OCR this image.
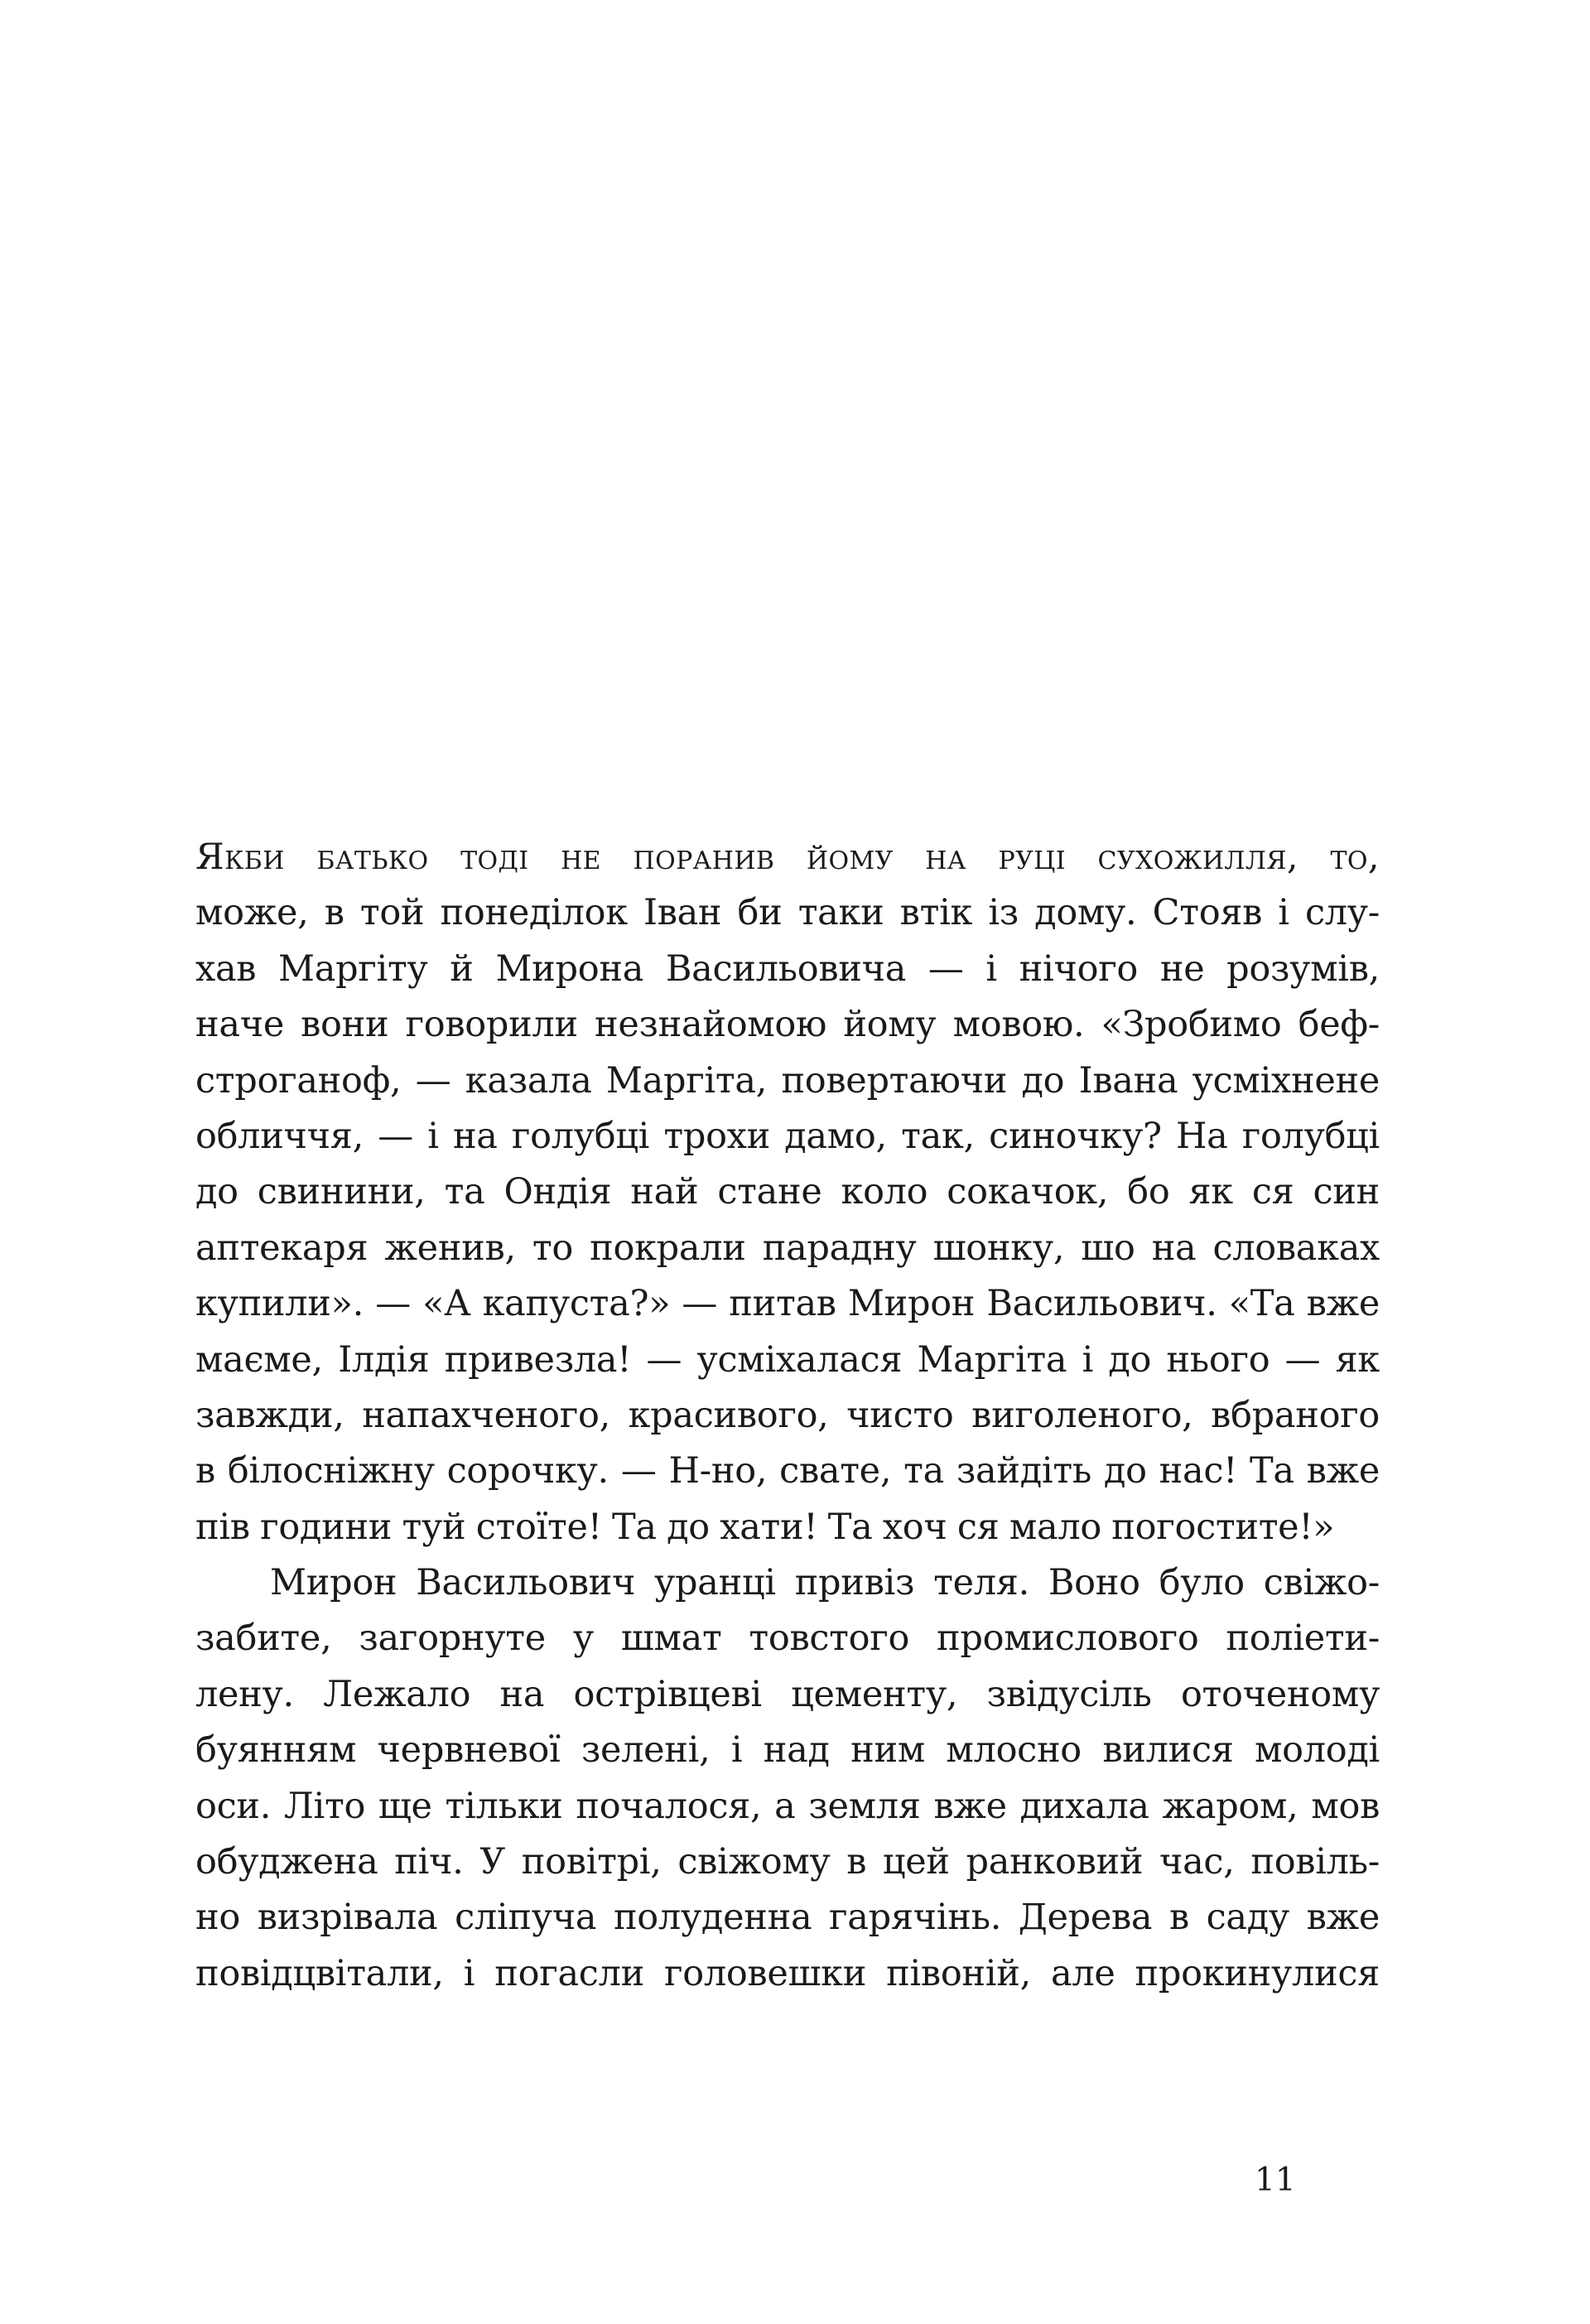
Якби батько тоді не поранив йому на руці сухожилля, то,
може, в той понеділок Іван би таки втік із дому. Стояв і слу-
хав Маргіту й Мирона Васильовича — і нічого не розумів,
наче вони говорили незнайомою йому мовою. «Зробимо беф-
строганоф, — казала Маргіта, повертаючи до Івана усміхнене
обличчя, — і на голубці трохи дамо, так, синочку? На голубці
до свинини, та Ондія най стане коло сокачок, бо як ся син
аптекаря женив, то покрали парадну шонку, шо на словаках
купили». — «А капуста?» — питав Мирон Васильович. «Та вже
маєме, Ілдія привезла! — усміхалася Маргіта і до нього — як
завжди, напахченого, красивого, чисто виголеного, вбраного
в білосніжну сорочку. — Н-но, свате, та зайдіть до нас! Та вже
пів години туй стоїте! Та до хати! Та хоч ся мало погостите!»
Мирон Васильович уранці привіз теля. Воно було свіжо-
забите, загорнуте у шмат товстого промислового поліети-
лену. Лежало на острівцеві цементу, звідусіль оточеному
буянням червневої зелені, і над ним млосно вилися молоді
оси. Літо ще тільки почалося, а земля вже дихала жаром, мов
обуджена піч. У повітрі, свіжому в цей ранковий час, повіль-
но визрівала сліпуча полуденна гарячінь. Дерева в саду вже
повідцвітали, і погасли головешки півоній, але прокинулися
11
